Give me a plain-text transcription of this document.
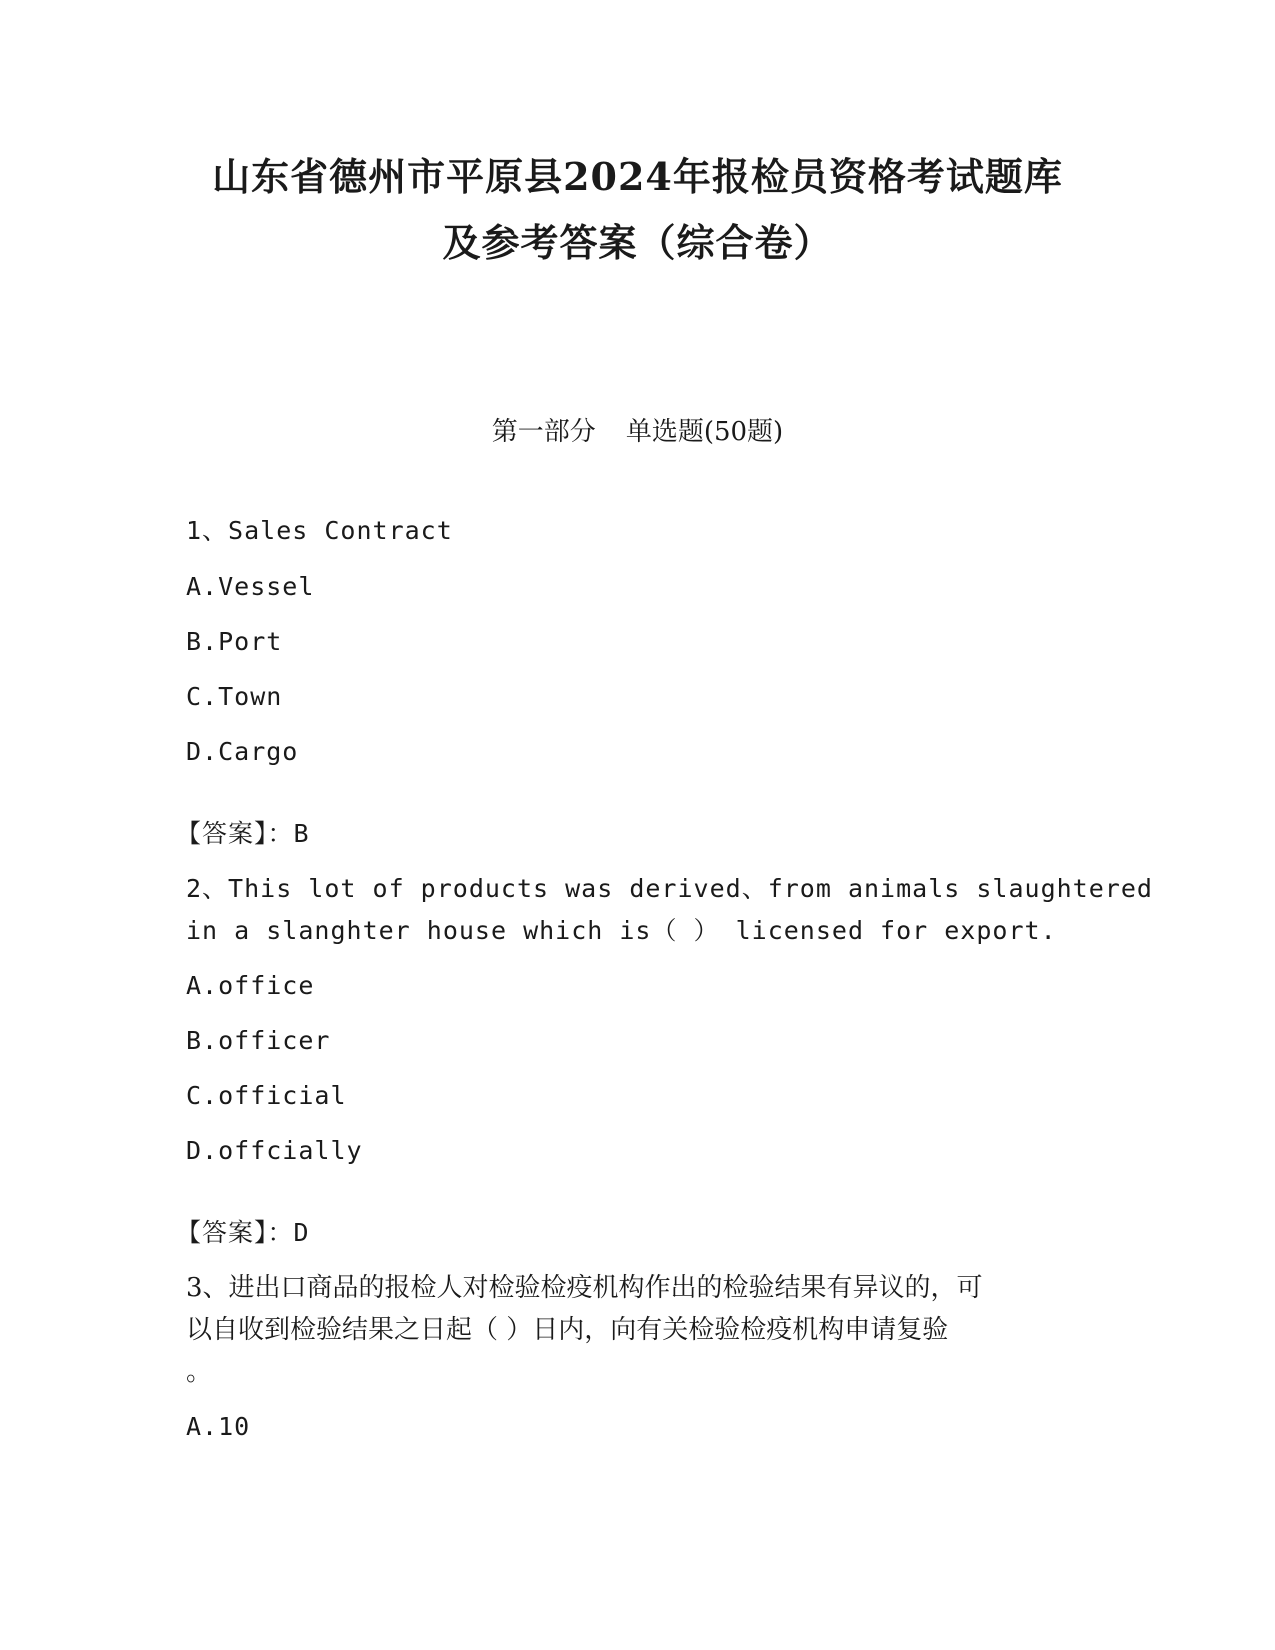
山东省德州市平原县2024年报检员资格考试题库
及参考答案（综合卷）
第一部分 单选题(50题)
1、Sales Contract
A.Vessel
B.Port
C.Town
D.Cargo
【答案】：B
2、This lot of products was derived、from animals slaughtered
in a slanghter house which is（ ） licensed for export.
A.office
B.officer
C.official
D.offcially
【答案】：D
3、进出口商品的报检人对检验检疫机构作出的检验结果有异议的，可
以自收到检验结果之日起（ ）日内，向有关检验检疫机构申请复验
。
A.10
